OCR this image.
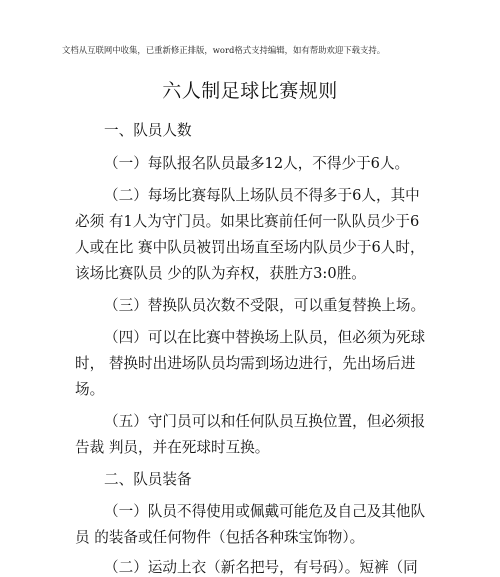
文档从互联网中收集，已重新修正排版，word格式支持编辑，如有帮助欢迎下载支持。
六人制足球比赛规则
一、队员人数
（一）每队报名队员最多12人，不得少于6人。
（二）每场比赛每队上场队员不得多于6人，其中
必须 有1人为守门员。如果比赛前任何一队队员少于6
人或在比 赛中队员被罚出场直至场内队员少于6人时，
该场比赛队员 少的队为弃权，获胜方3:0胜。
（三）替换队员次数不受限，可以重复替换上场。
（四）可以在比赛中替换场上队员，但必须为死球
时， 替换时出进场队员均需到场边进行，先出场后进
场。
（五）守门员可以和任何队员互换位置，但必须报
告裁 判员，并在死球时互换。
二、队员装备
（一）队员不得使用或佩戴可能危及自己及其他队
员 的装备或任何物件（包括各种珠宝饰物）。
（二）运动上衣（新名把号，有号码）。短裤（同
